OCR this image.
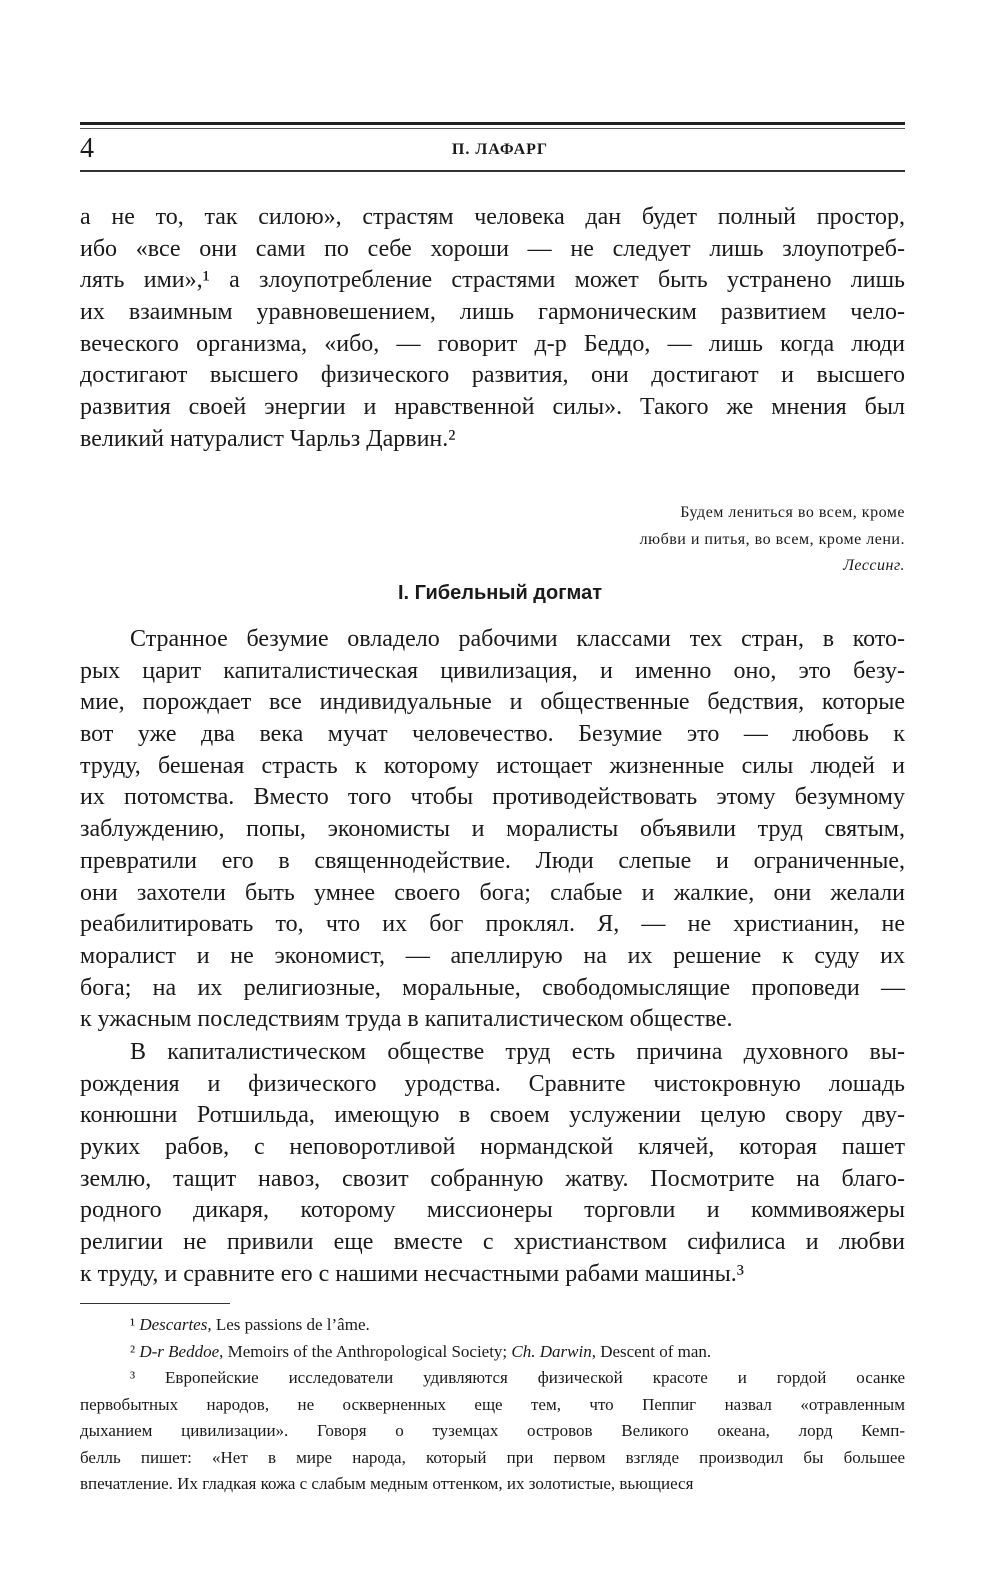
4	П. ЛАФАРГ
а не то, так силою», страстям человека дан будет полный простор,
ибо «все они сами по себе хороши — не следует лишь злоупотреб-
лять ими»,¹ а злоупотребление страстями может быть устранено лишь
их взаимным уравновешением, лишь гармоническим развитием чело-
веческого организма, «ибо, — говорит д-р Беддо, — лишь когда люди
достигают высшего физического развития, они достигают и высшего
развития своей энергии и нравственной силы». Такого же мнения был
великий натуралист Чарльз Дарвин.²
Будем лениться во всем, кроме
любви и питья, во всем, кроме лени.
Лессинг.
I. Гибельный догмат
Странное безумие овладело рабочими классами тех стран, в кото-
рых царит капиталистическая цивилизация, и именно оно, это безу-
мие, порождает все индивидуальные и общественные бедствия, которые
вот уже два века мучат человечество. Безумие это — любовь к
труду, бешеная страсть к которому истощает жизненные силы людей и
их потомства. Вместо того чтобы противодействовать этому безумному
заблуждению, попы, экономисты и моралисты объявили труд святым,
превратили его в священнодействие. Люди слепые и ограниченные,
они захотели быть умнее своего бога; слабые и жалкие, они желали
реабилитировать то, что их бог проклял. Я, — не христианин, не
моралист и не экономист, — апеллирую на их решение к суду их
бога; на их религиозные, моральные, свободомыслящие проповеди —
к ужасным последствиям труда в капиталистическом обществе.
В капиталистическом обществе труд есть причина духовного вы-
рождения и физического уродства. Сравните чистокровную лошадь
конюшни Ротшильда, имеющую в своем услужении целую свору дву-
руких рабов, с неповоротливой нормандской клячей, которая пашет
землю, тащит навоз, свозит собранную жатву. Посмотрите на благо-
родного дикаря, которому миссионеры торговли и коммивояжеры
религии не привили еще вместе с христианством сифилиса и любви
к труду, и сравните его с нашими несчастными рабами машины.³
¹ Descartes, Les passions de l’âme.
² D-r Beddoe, Memoirs of the Anthropological Society; Ch. Darwin, Descent of man.
³ Европейские исследователи удивляются физической красоте и гордой осанке
первобытных народов, не оскверненных еще тем, что Пеппиг назвал «отравленным
дыханием цивилизации». Говоря о туземцах островов Великого океана, лорд Кемп-
белль пишет: «Нет в мире народа, который при первом взгляде производил бы большее
впечатление. Их гладкая кожа с слабым медным оттенком, их золотистые, вьющиеся
